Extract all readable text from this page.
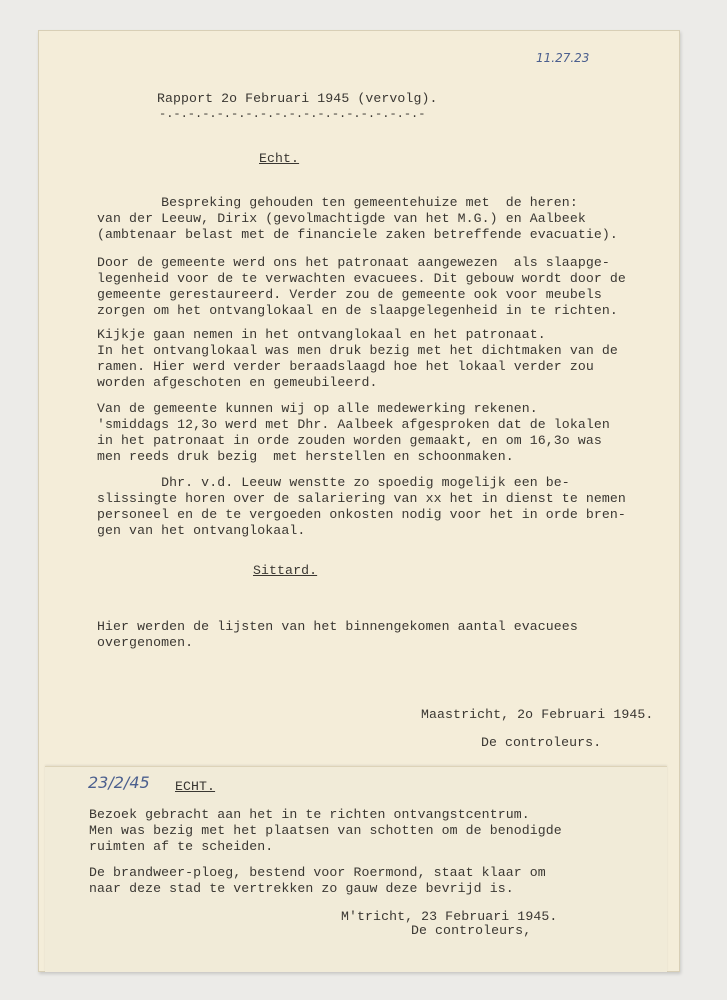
11.27.23
Rapport 2o Februari 1945 (vervolg).
-.-.-.-.-.-.-.-.-.-.-.-.-.-.-.-.-.-.-
Echt.
Bespreking gehouden ten gemeentehuize met  de heren:
van der Leeuw, Dirix (gevolmachtigde van het M.G.) en Aalbeek
(ambtenaar belast met de financiele zaken betreffende evacuatie).
Door de gemeente werd ons het patronaat aangewezen  als slaapge-
legenheid voor de te verwachten evacuees. Dit gebouw wordt door de
gemeente gerestaureerd. Verder zou de gemeente ook voor meubels
zorgen om het ontvanglokaal en de slaapgelegenheid in te richten.
Kijkje gaan nemen in het ontvanglokaal en het patronaat.
In het ontvanglokaal was men druk bezig met het dichtmaken van de
ramen. Hier werd verder beraadslaagd hoe het lokaal verder zou
worden afgeschoten en gemeubileerd.
Van de gemeente kunnen wij op alle medewerking rekenen.
'smiddags 12,3o werd met Dhr. Aalbeek afgesproken dat de lokalen
in het patronaat in orde zouden worden gemaakt, en om 16,3o was
men reeds druk bezig  met herstellen en schoonmaken.
Dhr. v.d. Leeuw wenstte zo spoedig mogelijk een be-
slissingte horen over de salariering van xx het in dienst te nemen
personeel en de te vergoeden onkosten nodig voor het in orde bren-
gen van het ontvanglokaal.
Sittard.
Hier werden de lijsten van het binnengekomen aantal evacuees
overgenomen.
Maastricht, 2o Februari 1945.
De controleurs.
23/2/45 ECHT.
Bezoek gebracht aan het in te richten ontvangstcentrum.
Men was bezig met het plaatsen van schotten om de benodigde
ruimten af te scheiden.
De brandweer-ploeg, bestend voor Roermond, staat klaar om
naar deze stad te vertrekken zo gauw deze bevrijd is.
M'tricht, 23 Februari 1945.
De controleurs,
